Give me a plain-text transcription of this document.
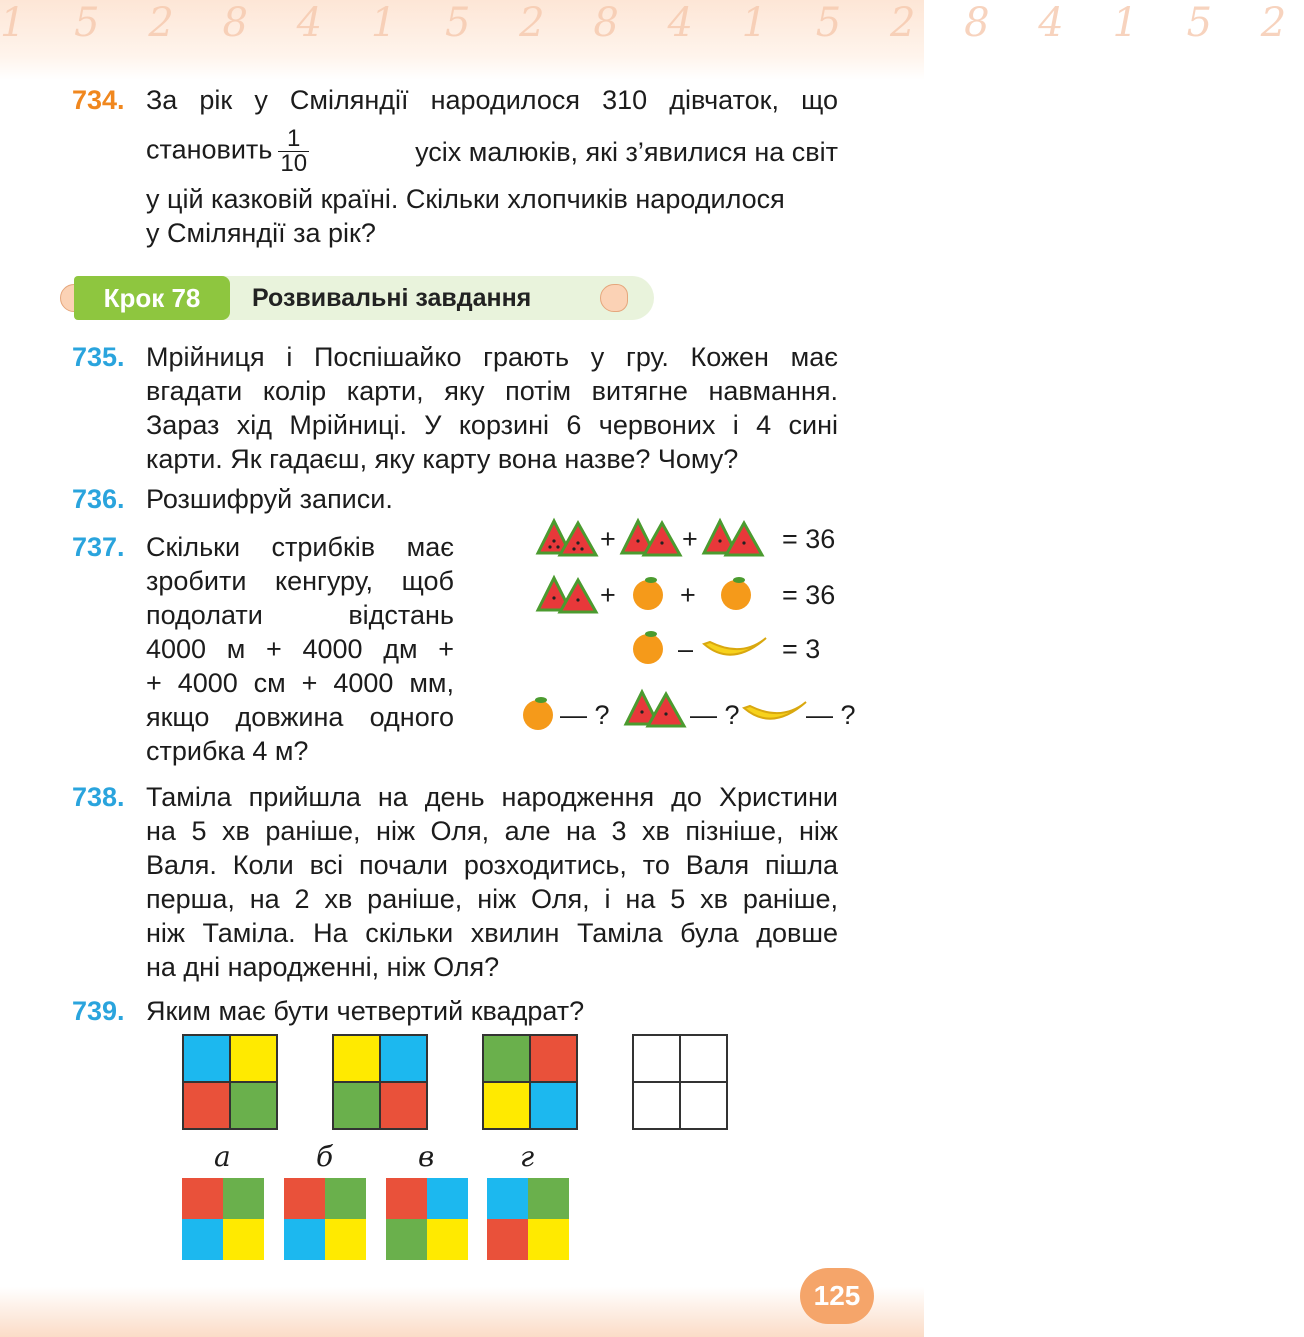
1 5 2 8 4 1 5 2 8 4 1 5 2 8 4 1 5 2
734. За рік у Сміляндії народилося 310 дівчаток, що
становить $\frac{1}{10}$	усіх малюків, які з’явилися на світ
у цій казковій країні. Скільки хлопчиків народилося
у Сміляндії за рік?
Крок 78	Розвивальні завдання
735. Мрійниця і Поспішайко грають у гру. Кожен має
вгадати колір карти, яку потім витягне навмання.
Зараз хід Мрійниці. У корзині 6 червоних і 4 сині
карти. Як гадаєш, яку карту вона назве? Чому?
736. Розшифруй записи.
737. Скільки стрибків має
зробити кенгуру, щоб
подолати відстань
4000 м + 4000 дм +
+ 4000 см + 4000 мм,
якщо довжина одного
стрибка 4 м?
+ +	= 36
+ +	= 36
–	= 3
— ?	— ? — ?
738. Таміла прийшла на день народження до Христини
на 5 хв раніше, ніж Оля, але на 3 хв пізніше, ніж
Валя. Коли всі почали розходитись, то Валя пішла
перша, на 2 хв раніше, ніж Оля, і на 5 хв раніше,
ніж Таміла. На скільки хвилин Таміла була довше
на дні народженні, ніж Оля?
739. Яким має бути четвертий квадрат?
а	б	в	г
125
